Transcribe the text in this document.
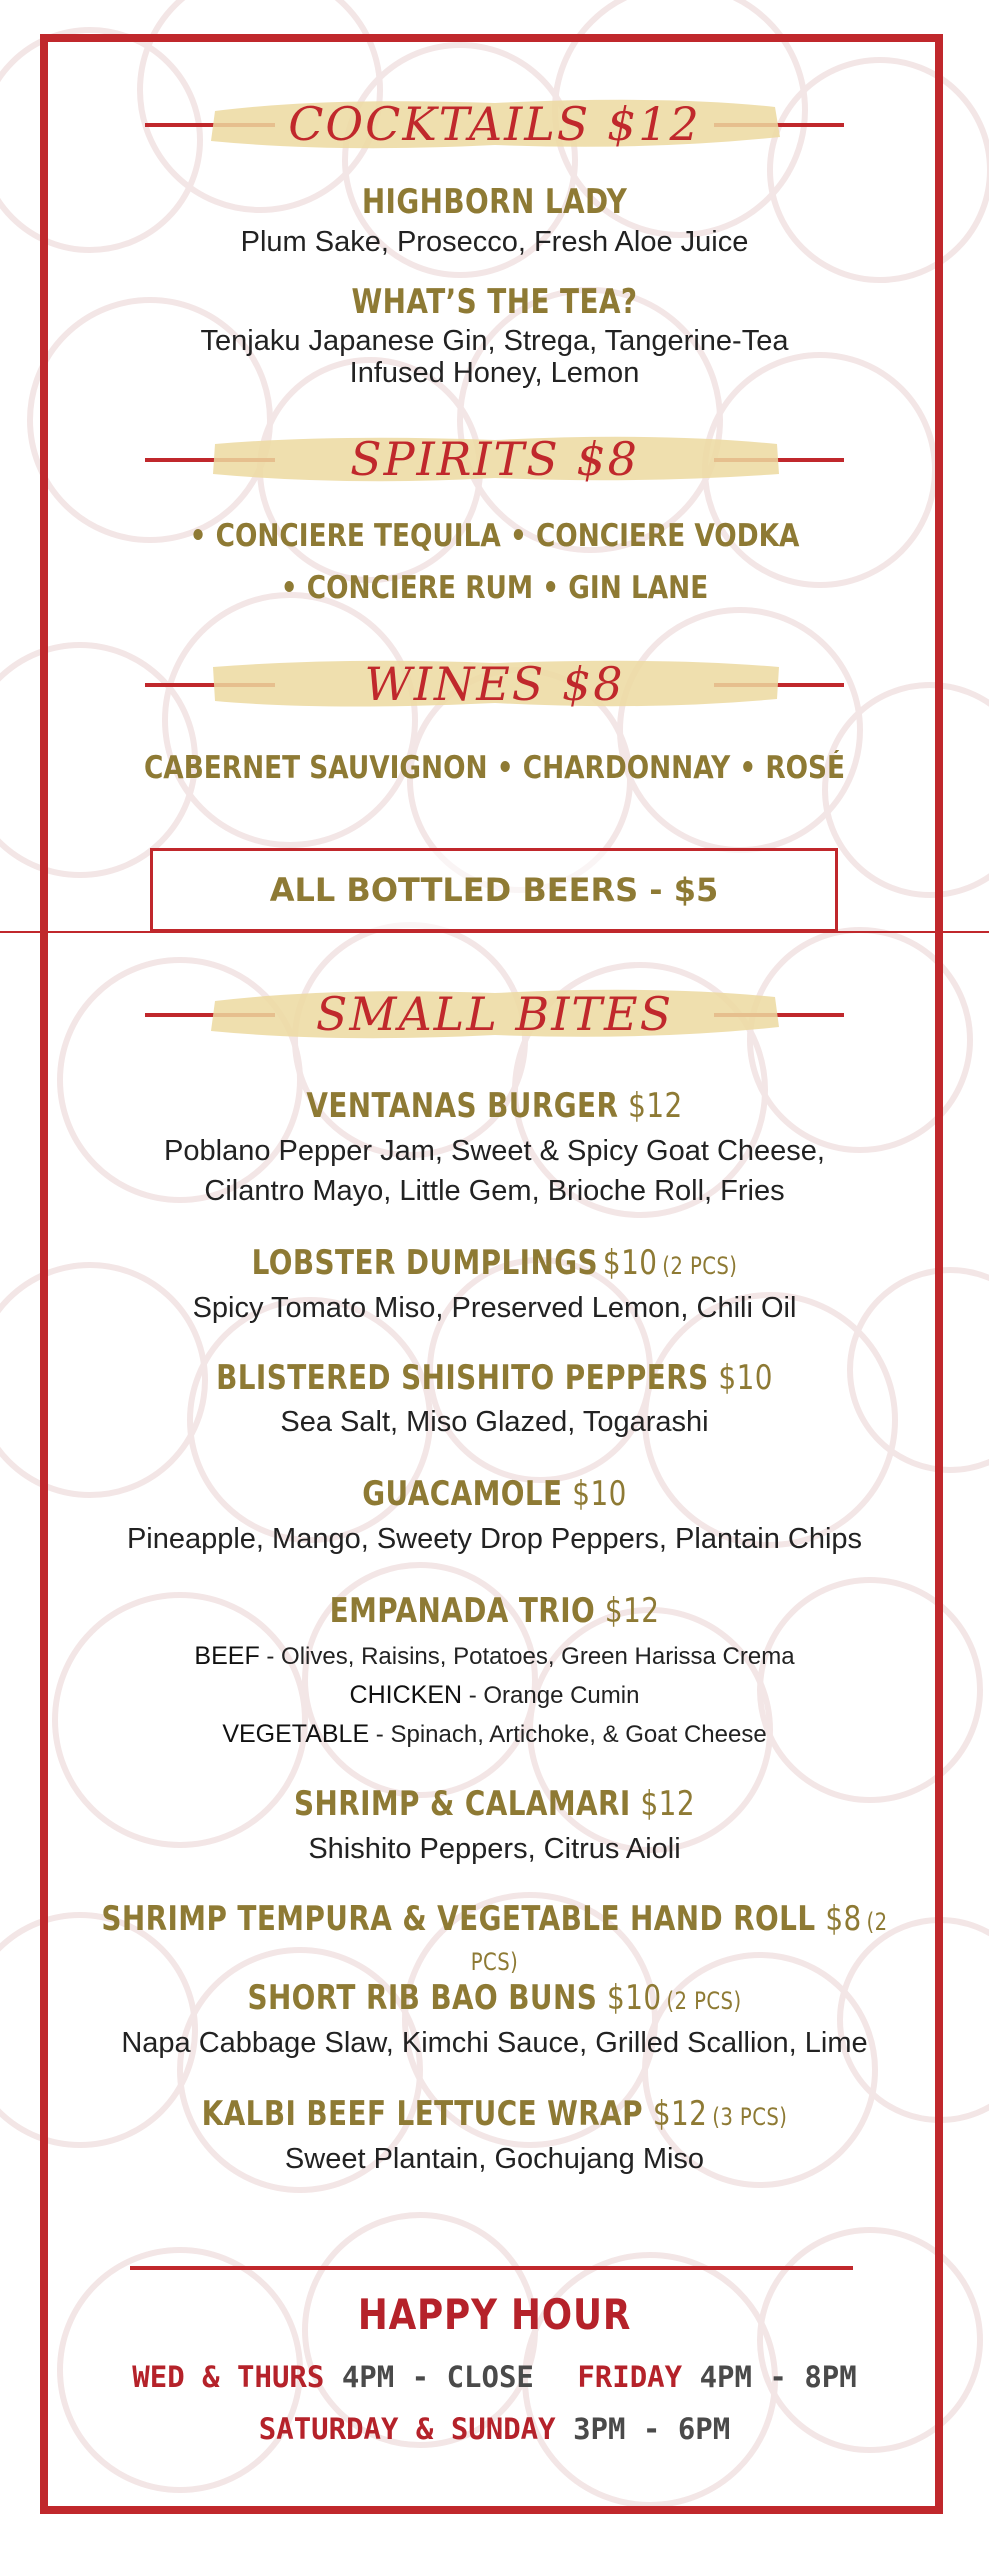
COCKTAILS $12
HIGHBORN LADY
Plum Sake, Prosecco, Fresh Aloe Juice
WHAT’S THE TEA?
Tenjaku Japanese Gin, Strega, Tangerine-Tea
Infused Honey, Lemon
SPIRITS $8
• CONCIERE TEQUILA • CONCIERE VODKA
• CONCIERE RUM • GIN LANE
WINES $8
CABERNET SAUVIGNON • CHARDONNAY • ROSÉ
ALL BOTTLED BEERS - $5
SMALL BITES
VENTANAS BURGER $12
Poblano Pepper Jam, Sweet & Spicy Goat Cheese,
Cilantro Mayo, Little Gem, Brioche Roll, Fries
LOBSTER DUMPLINGS $10 (2 PCS)
Spicy Tomato Miso, Preserved Lemon, Chili Oil
BLISTERED SHISHITO PEPPERS $10
Sea Salt, Miso Glazed, Togarashi
GUACAMOLE $10
Pineapple, Mango, Sweety Drop Peppers, Plantain Chips
EMPANADA TRIO $12
BEEF - Olives, Raisins, Potatoes, Green Harissa Crema
CHICKEN - Orange Cumin
VEGETABLE - Spinach, Artichoke, & Goat Cheese
SHRIMP & CALAMARI $12
Shishito Peppers, Citrus Aioli
SHRIMP TEMPURA & VEGETABLE HAND ROLL $8 (2 PCS)
SHORT RIB BAO BUNS $10 (2 PCS)
Napa Cabbage Slaw, Kimchi Sauce, Grilled Scallion, Lime
KALBI BEEF LETTUCE WRAP $12 (3 PCS)
Sweet Plantain, Gochujang Miso
HAPPY HOUR
WED & THURS 4PM - CLOSE FRIDAY 4PM - 8PM
SATURDAY & SUNDAY 3PM - 6PM
